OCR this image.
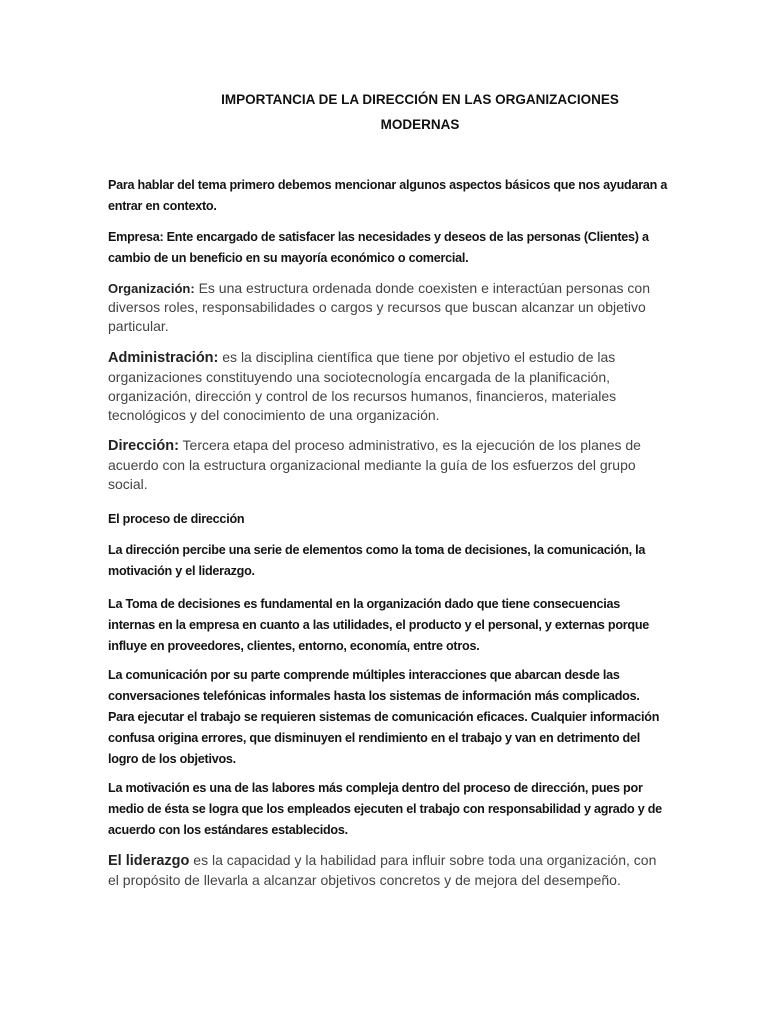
IMPORTANCIA DE LA DIRECCIÓN EN LAS ORGANIZACIONES
MODERNAS

Para hablar del tema primero debemos mencionar algunos aspectos básicos que nos ayudaran a entrar en contexto.

Empresa: Ente encargado de satisfacer las necesidades y deseos de las personas (Clientes) a cambio de un beneficio en su mayoría económico o comercial.

Organización: Es una estructura ordenada donde coexisten e interactúan personas con diversos roles, responsabilidades o cargos y recursos que buscan alcanzar un objetivo particular.

Administración: es la disciplina científica que tiene por objetivo el estudio de las organizaciones constituyendo una sociotecnología encargada de la planificación, organización, dirección y control de los recursos humanos, financieros, materiales tecnológicos y del conocimiento de una organización.

Dirección: Tercera etapa del proceso administrativo, es la ejecución de los planes de acuerdo con la estructura organizacional mediante la guía de los esfuerzos del grupo social.

El proceso de dirección

La dirección percibe una serie de elementos como la toma de decisiones, la comunicación, la motivación y el liderazgo.

La Toma de decisiones es fundamental en la organización dado que tiene consecuencias internas en la empresa en cuanto a las utilidades, el producto y el personal, y externas porque influye en proveedores, clientes, entorno, economía, entre otros.

La comunicación por su parte comprende múltiples interacciones que abarcan desde las conversaciones telefónicas informales hasta los sistemas de información más complicados. Para ejecutar el trabajo se requieren sistemas de comunicación eficaces. Cualquier información confusa origina errores, que disminuyen el rendimiento en el trabajo y van en detrimento del logro de los objetivos.

La motivación es una de las labores más compleja dentro del proceso de dirección, pues por medio de ésta se logra que los empleados ejecuten el trabajo con responsabilidad y agrado y de acuerdo con los estándares establecidos.

El liderazgo es la capacidad y la habilidad para influir sobre toda una organización, con el propósito de llevarla a alcanzar objetivos concretos y de mejora del desempeño.
